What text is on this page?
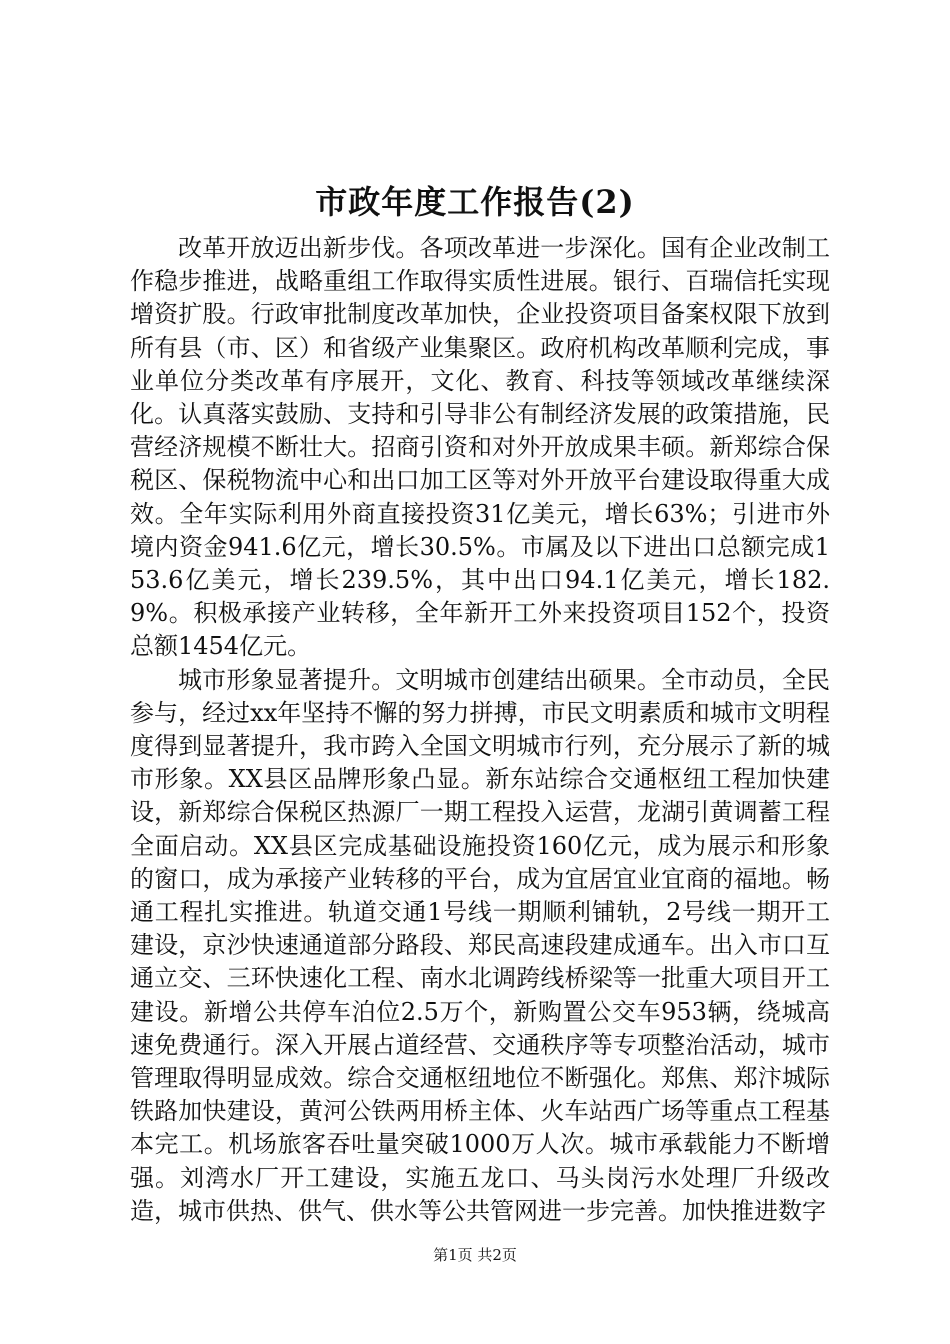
市政年度工作报告(2)

改革开放迈出新步伐。各项改革进一步深化。国有企业改制工作稳步推进，战略重组工作取得实质性进展。银行、百瑞信托实现增资扩股。行政审批制度改革加快，企业投资项目备案权限下放到所有县（市、区）和省级产业集聚区。政府机构改革顺利完成，事业单位分类改革有序展开，文化、教育、科技等领域改革继续深化。认真落实鼓励、支持和引导非公有制经济发展的政策措施，民营经济规模不断壮大。招商引资和对外开放成果丰硕。新郑综合保税区、保税物流中心和出口加工区等对外开放平台建设取得重大成效。全年实际利用外商直接投资31亿美元，增长63%；引进市外境内资金941.6亿元，增长30.5%。市属及以下进出口总额完成153.6亿美元，增长239.5%，其中出口94.1亿美元，增长182.9%。积极承接产业转移，全年新开工外来投资项目152个，投资总额1454亿元。

城市形象显著提升。文明城市创建结出硕果。全市动员，全民参与，经过xx年坚持不懈的努力拼搏，市民文明素质和城市文明程度得到显著提升，我市跨入全国文明城市行列，充分展示了新的城市形象。XX县区品牌形象凸显。新东站综合交通枢纽工程加快建设，新郑综合保税区热源厂一期工程投入运营，龙湖引黄调蓄工程全面启动。XX县区完成基础设施投资160亿元，成为展示和形象的窗口，成为承接产业转移的平台，成为宜居宜业宜商的福地。畅通工程扎实推进。轨道交通1号线一期顺利铺轨，2号线一期开工建设，京沙快速通道部分路段、郑民高速段建成通车。出入市口互通立交、三环快速化工程、南水北调跨线桥梁等一批重大项目开工建设。新增公共停车泊位2.5万个，新购置公交车953辆，绕城高速免费通行。深入开展占道经营、交通秩序等专项整治活动，城市管理取得明显成效。综合交通枢纽地位不断强化。郑焦、郑汴城际铁路加快建设，黄河公铁两用桥主体、火车站西广场等重点工程基本完工。机场旅客吞吐量突破1000万人次。城市承载能力不断增强。刘湾水厂开工建设，实施五龙口、马头岗污水处理厂升级改造，城市供热、供气、供水等公共管网进一步完善。加快推进数字

第1页 共2页
